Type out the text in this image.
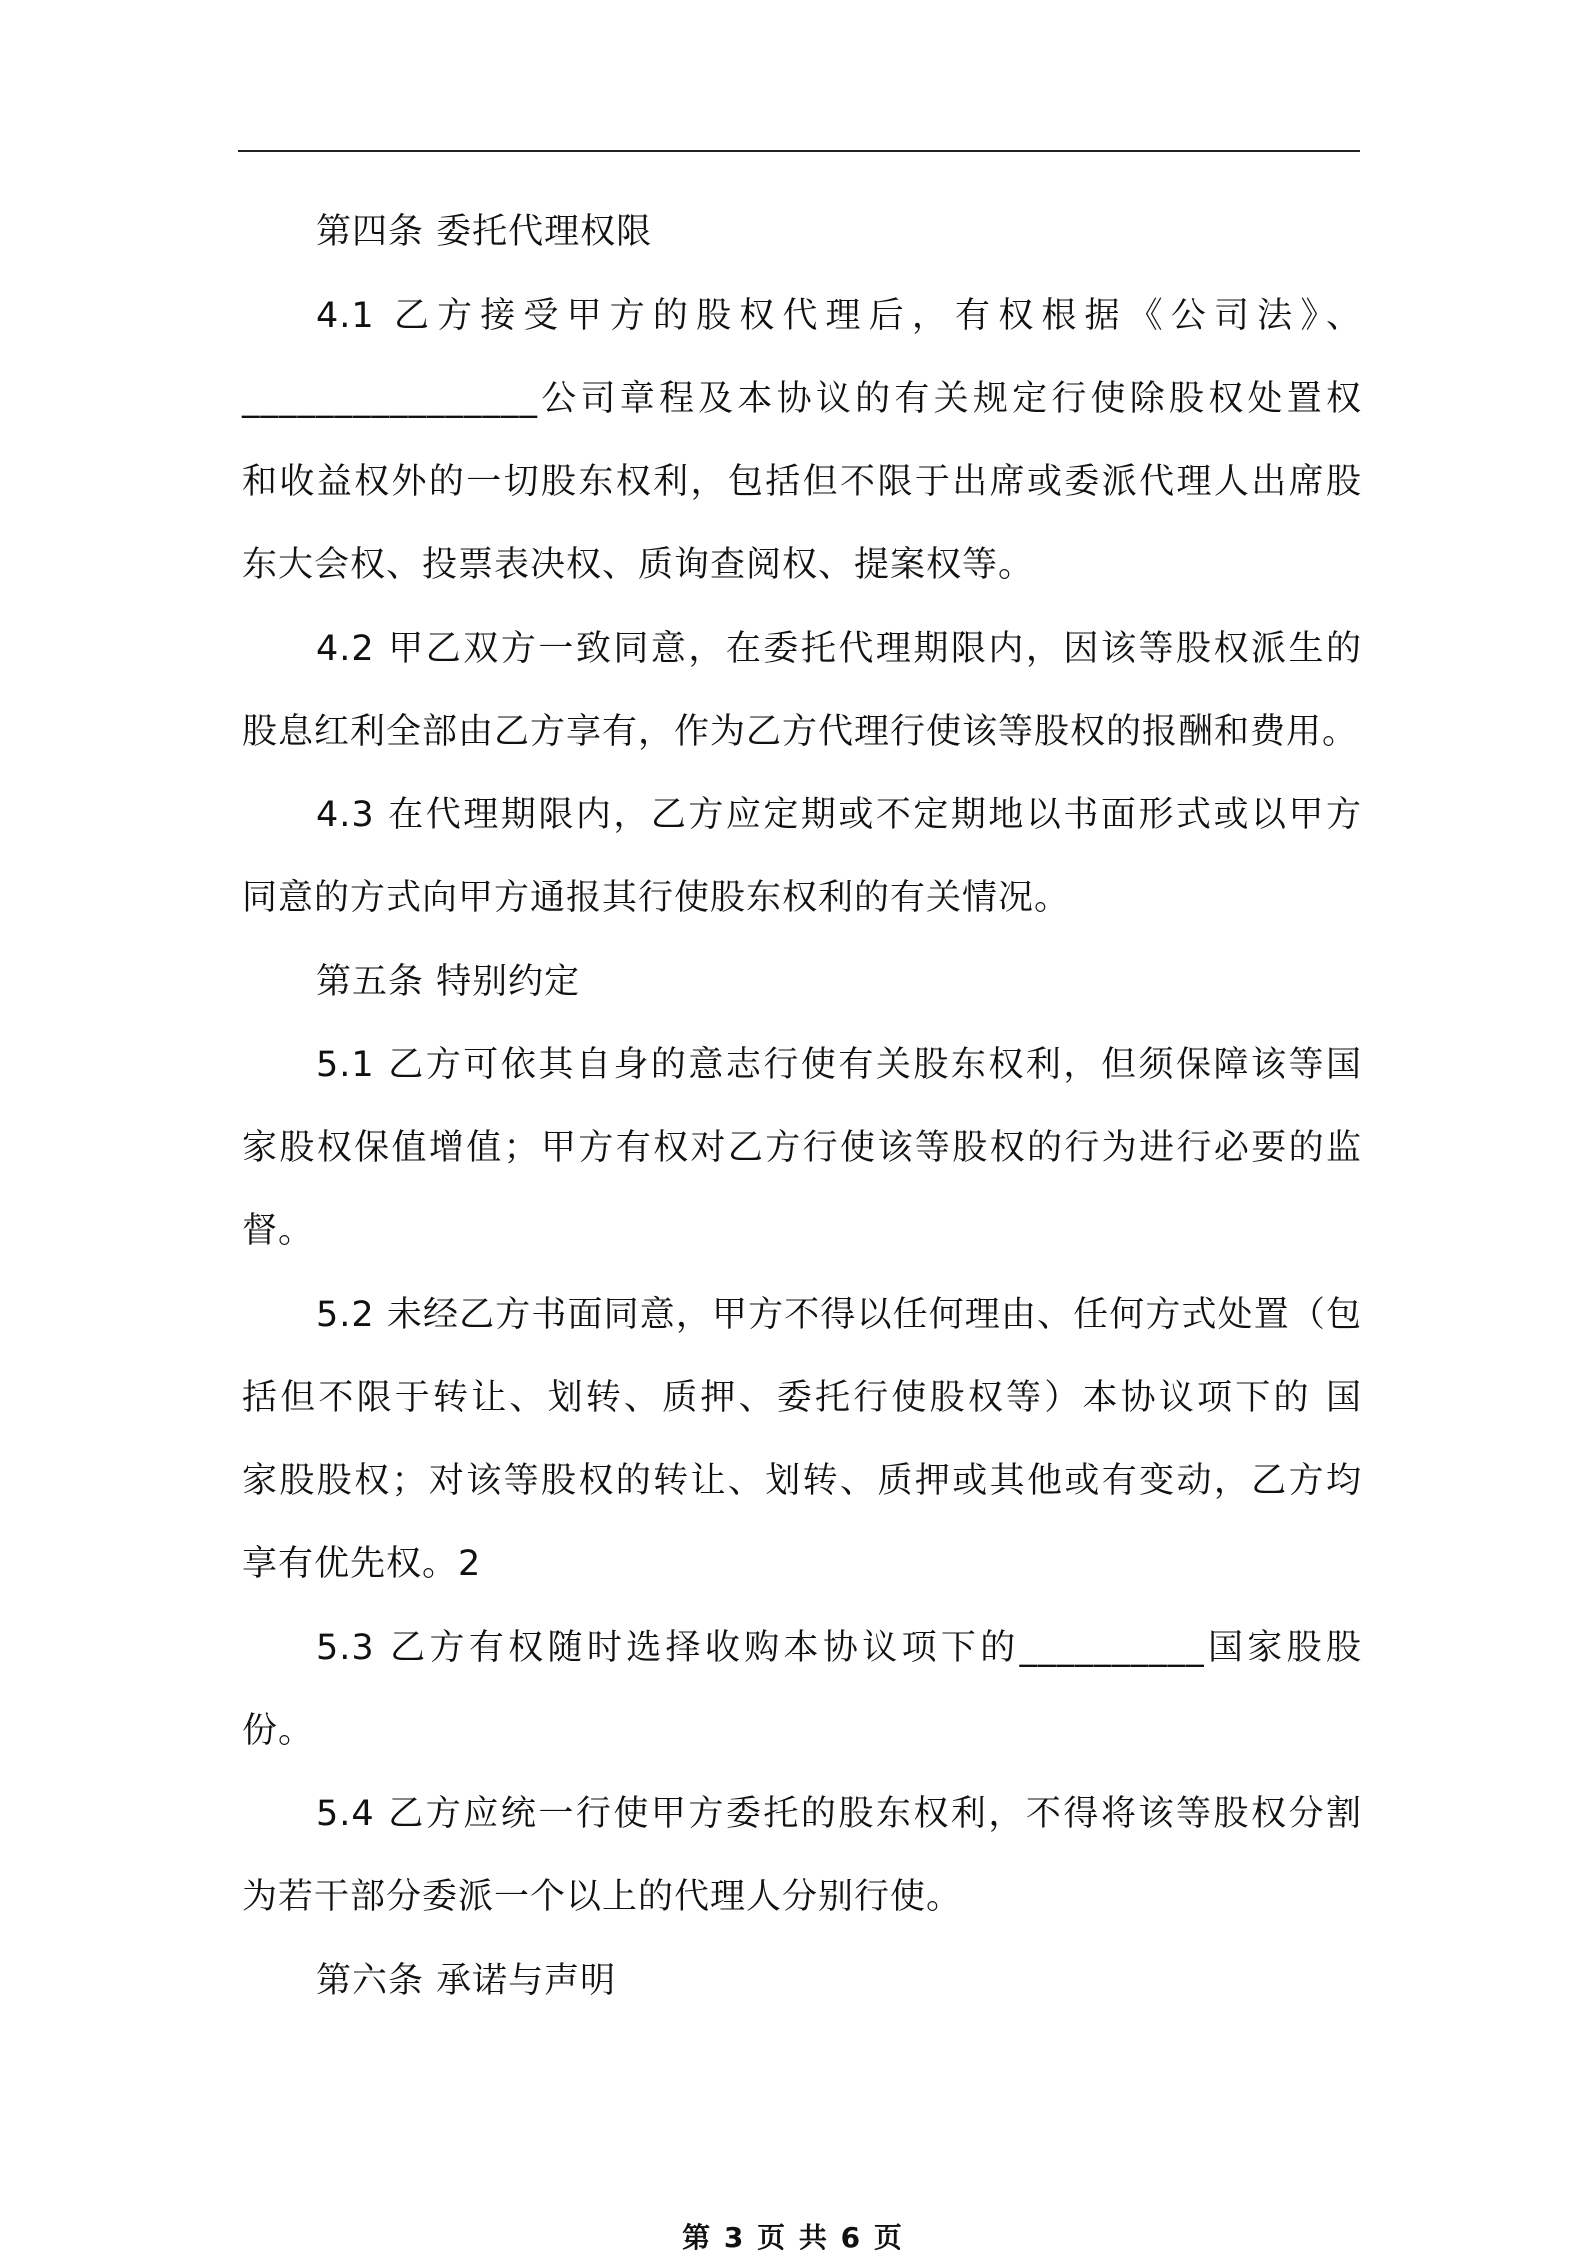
第四条 委托代理权限
4.1 乙方接受甲方的股权代理后，有权根据《公司法》、
________________公司章程及本协议的有关规定行使除股权处置权
和收益权外的一切股东权利，包括但不限于出席或委派代理人出席股
东大会权、投票表决权、质询查阅权、提案权等。
4.2 甲乙双方一致同意，在委托代理期限内，因该等股权派生的
股息红利全部由乙方享有，作为乙方代理行使该等股权的报酬和费用。
4.3 在代理期限内，乙方应定期或不定期地以书面形式或以甲方
同意的方式向甲方通报其行使股东权利的有关情况。
第五条 特别约定
5.1 乙方可依其自身的意志行使有关股东权利，但须保障该等国
家股权保值增值；甲方有权对乙方行使该等股权的行为进行必要的监
督。
5.2 未经乙方书面同意，甲方不得以任何理由、任何方式处置（包
括但不限于转让、划转、质押、委托行使股权等）本协议项下的 国
家股股权；对该等股权的转让、划转、质押或其他或有变动，乙方均
享有优先权。2
5.3 乙方有权随时选择收购本协议项下的__________国家股股
份。
5.4 乙方应统一行使甲方委托的股东权利，不得将该等股权分割
为若干部分委派一个以上的代理人分别行使。
第六条 承诺与声明
第 3 页 共 6 页
